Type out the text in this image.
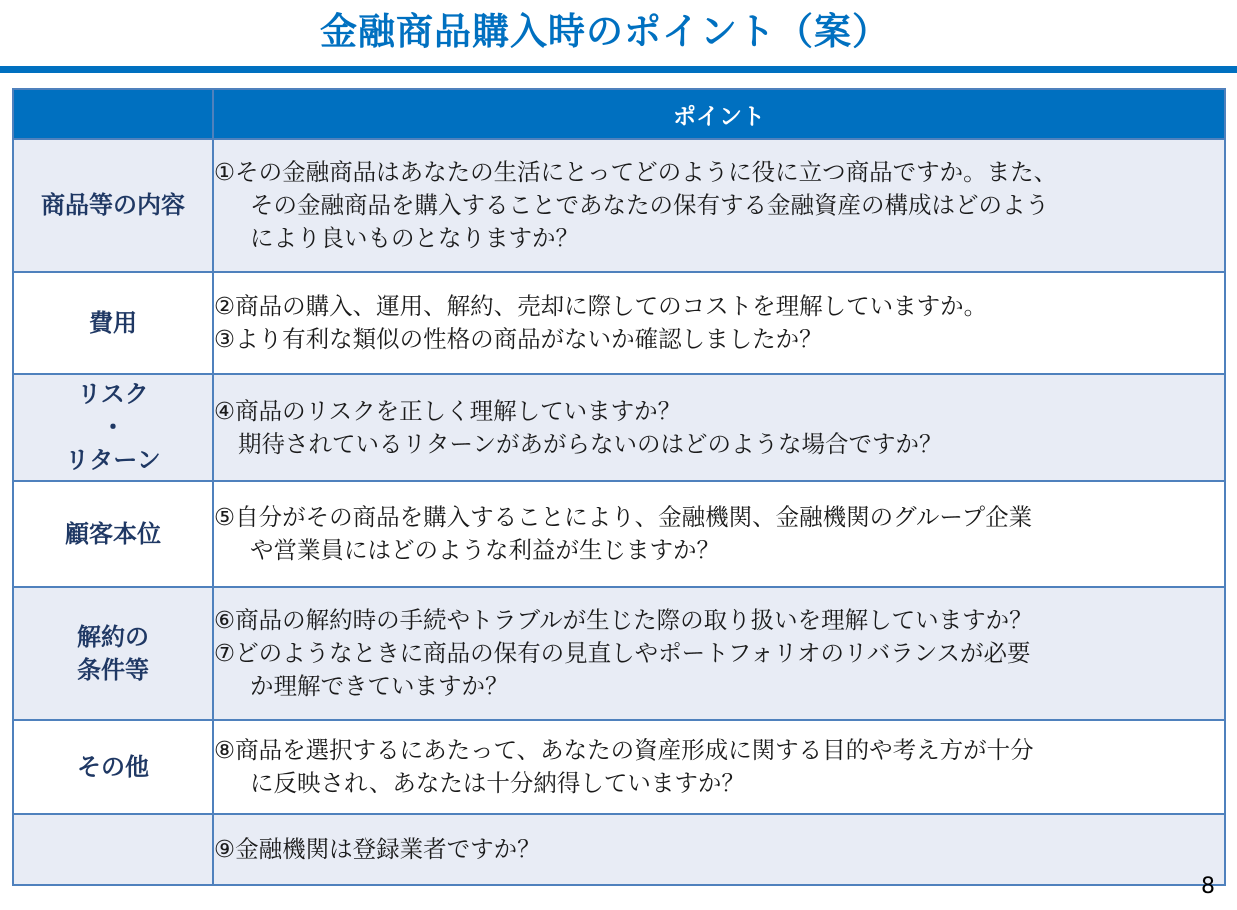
金融商品購入時のポイント（案）
	ポイント

商品等の内容	①その金融商品はあなたの生活にとってどのように役に立つ商品ですか。また、
その金融商品を購入することであなたの保有する金融資産の構成はどのよう
により良いものとなりますか？

費用	②商品の購入、運用、解約、売却に際してのコストを理解していますか。
③より有利な類似の性格の商品がないか確認しましたか？

リスク
・
リターン	④商品のリスクを正しく理解していますか？
期待されているリターンがあがらないのはどのような場合ですか？

顧客本位	⑤自分がその商品を購入することにより、金融機関、金融機関のグループ企業
や営業員にはどのような利益が生じますか？

解約の
条件等	⑥商品の解約時の手続やトラブルが生じた際の取り扱いを理解していますか？
⑦どのようなときに商品の保有の見直しやポートフォリオのリバランスが必要
か理解できていますか？

その他	⑧商品を選択するにあたって、あなたの資産形成に関する目的や考え方が十分
に反映され、あなたは十分納得していますか？

	⑨金融機関は登録業者ですか？
8
